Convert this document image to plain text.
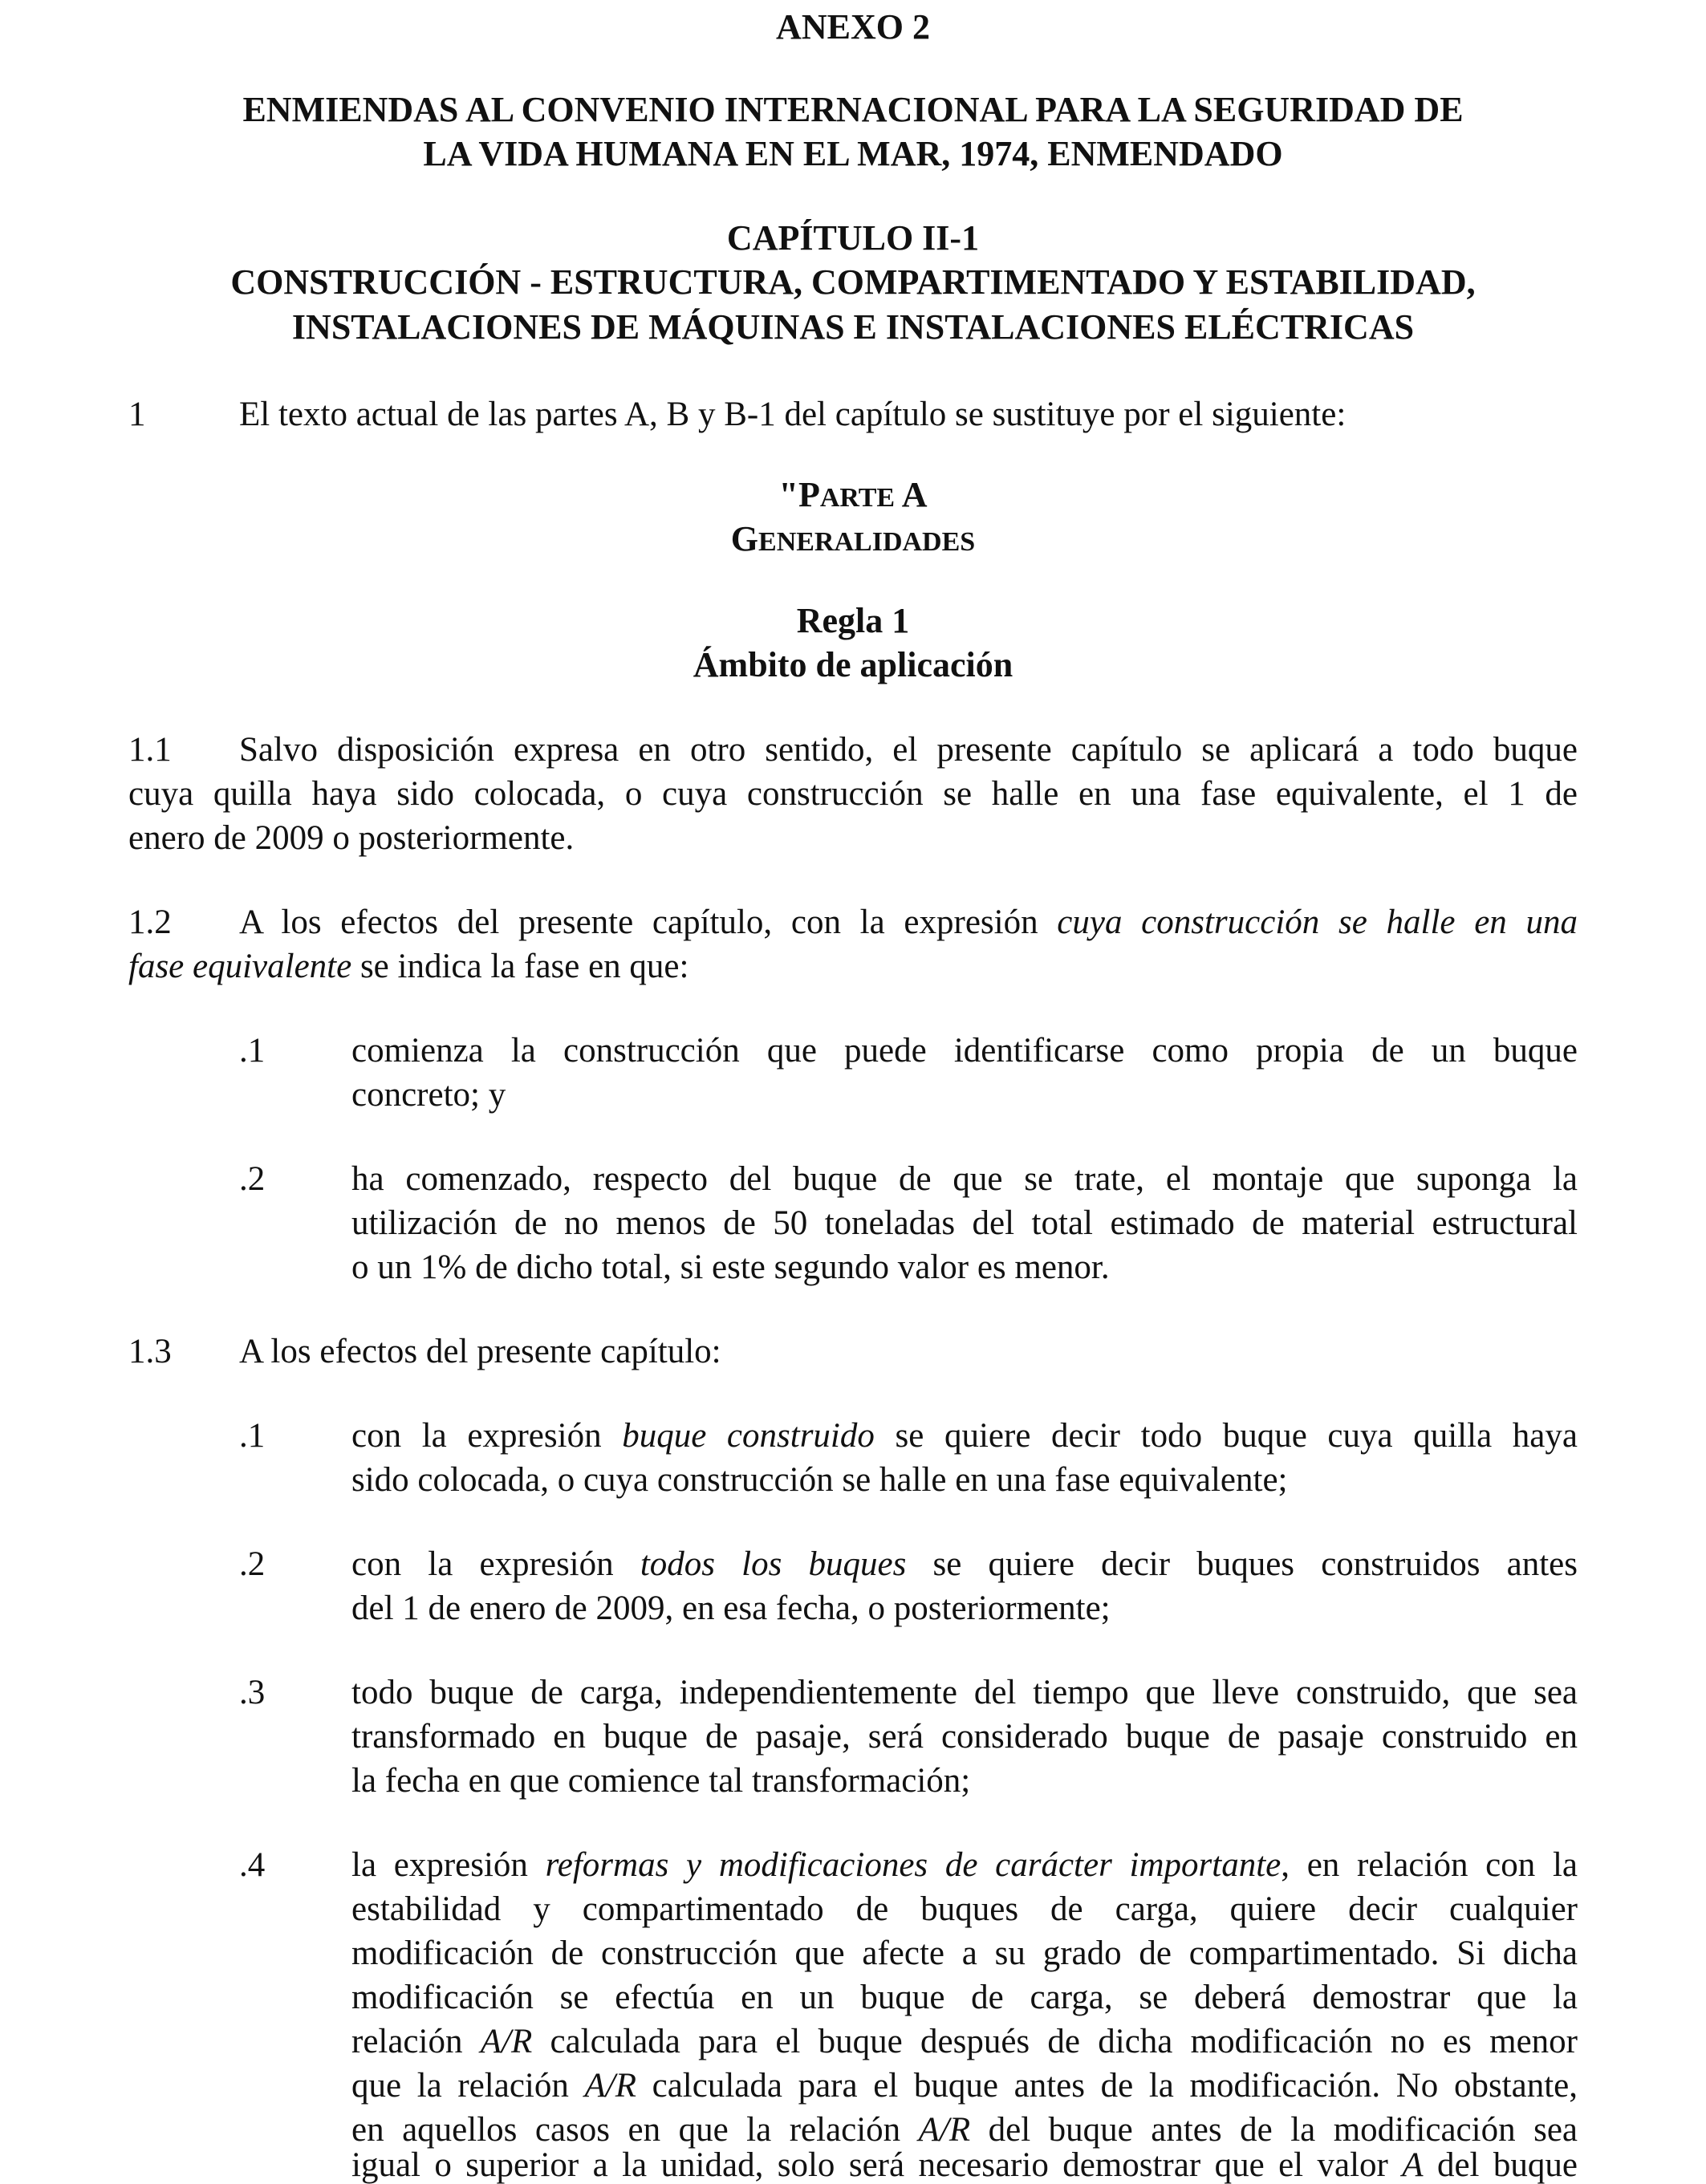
ANEXO 2
ENMIENDAS AL CONVENIO INTERNACIONAL PARA LA SEGURIDAD DE
LA VIDA HUMANA EN EL MAR, 1974, ENMENDADO
CAPÍTULO II-1
CONSTRUCCIÓN - ESTRUCTURA, COMPARTIMENTADO Y ESTABILIDAD,
INSTALACIONES DE MÁQUINAS E INSTALACIONES ELÉCTRICAS
1	El texto actual de las partes A, B y B-1 del capítulo se sustituye por el siguiente:
"PARTE A
GENERALIDADES
Regla 1
Ámbito de aplicación
1.1 Salvo disposición expresa en otro sentido, el presente capítulo se aplicará a todo buque
cuya quilla haya sido colocada, o cuya construcción se halle en una fase equivalente, el 1 de
enero de 2009 o posteriormente.
1.2 A los efectos del presente capítulo, con la expresión cuya construcción se halle en una
fase equivalente se indica la fase en que:
.1	comienza la construcción que puede identificarse como propia de un buque
concreto; y
.2	ha comenzado, respecto del buque de que se trate, el montaje que suponga la
utilización de no menos de 50 toneladas del total estimado de material estructural
o un 1% de dicho total, si este segundo valor es menor.
1.3 A los efectos del presente capítulo:
.1	con la expresión buque construido se quiere decir todo buque cuya quilla haya
sido colocada, o cuya construcción se halle en una fase equivalente;
.2	con la expresión todos los buques se quiere decir buques construidos antes
del 1 de enero de 2009, en esa fecha, o posteriormente;
.3	todo buque de carga, independientemente del tiempo que lleve construido, que sea
transformado en buque de pasaje, será considerado buque de pasaje construido en
la fecha en que comience tal transformación;
.4	la expresión reformas y modificaciones de carácter importante, en relación con la
estabilidad y compartimentado de buques de carga, quiere decir cualquier
modificación de construcción que afecte a su grado de compartimentado. Si dicha
modificación se efectúa en un buque de carga, se deberá demostrar que la
relación A/R calculada para el buque después de dicha modificación no es menor
que la relación A/R calculada para el buque antes de la modificación. No obstante,
en aquellos casos en que la relación A/R del buque antes de la modificación sea
igual o superior a la unidad, solo será necesario demostrar que el valor A del buque
